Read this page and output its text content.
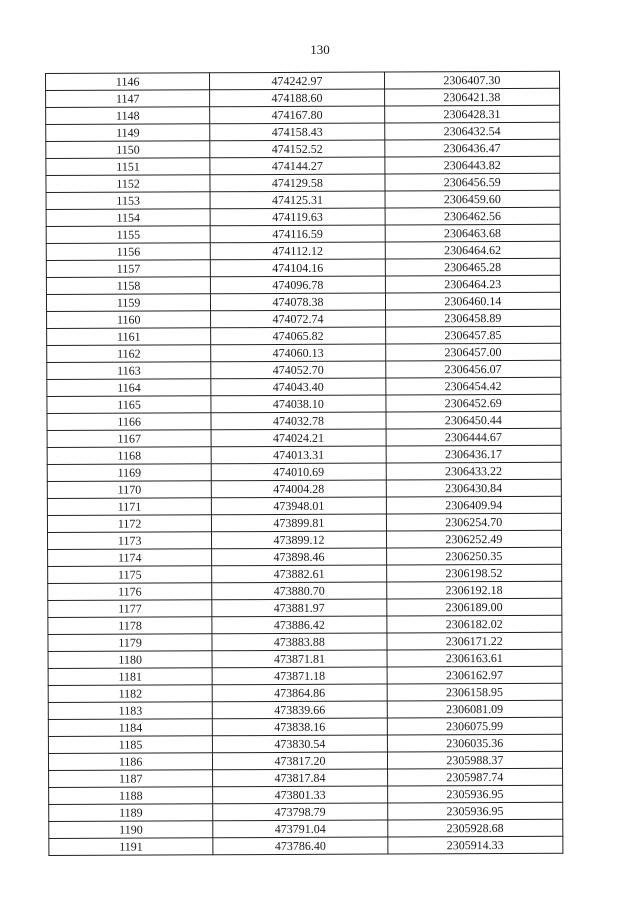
130
1146	474242.97	2306407.30
1147	474188.60	2306421.38
1148	474167.80	2306428.31
1149	474158.43	2306432.54
1150	474152.52	2306436.47
1151	474144.27	2306443.82
1152	474129.58	2306456.59
1153	474125.31	2306459.60
1154	474119.63	2306462.56
1155	474116.59	2306463.68
1156	474112.12	2306464.62
1157	474104.16	2306465.28
1158	474096.78	2306464.23
1159	474078.38	2306460.14
1160	474072.74	2306458.89
1161	474065.82	2306457.85
1162	474060.13	2306457.00
1163	474052.70	2306456.07
1164	474043.40	2306454.42
1165	474038.10	2306452.69
1166	474032.78	2306450.44
1167	474024.21	2306444.67
1168	474013.31	2306436.17
1169	474010.69	2306433.22
1170	474004.28	2306430.84
1171	473948.01	2306409.94
1172	473899.81	2306254.70
1173	473899.12	2306252.49
1174	473898.46	2306250.35
1175	473882.61	2306198.52
1176	473880.70	2306192.18
1177	473881.97	2306189.00
1178	473886.42	2306182.02
1179	473883.88	2306171.22
1180	473871.81	2306163.61
1181	473871.18	2306162.97
1182	473864.86	2306158.95
1183	473839.66	2306081.09
1184	473838.16	2306075.99
1185	473830.54	2306035.36
1186	473817.20	2305988.37
1187	473817.84	2305987.74
1188	473801.33	2305936.95
1189	473798.79	2305936.95
1190	473791.04	2305928.68
1191	473786.40	2305914.33
